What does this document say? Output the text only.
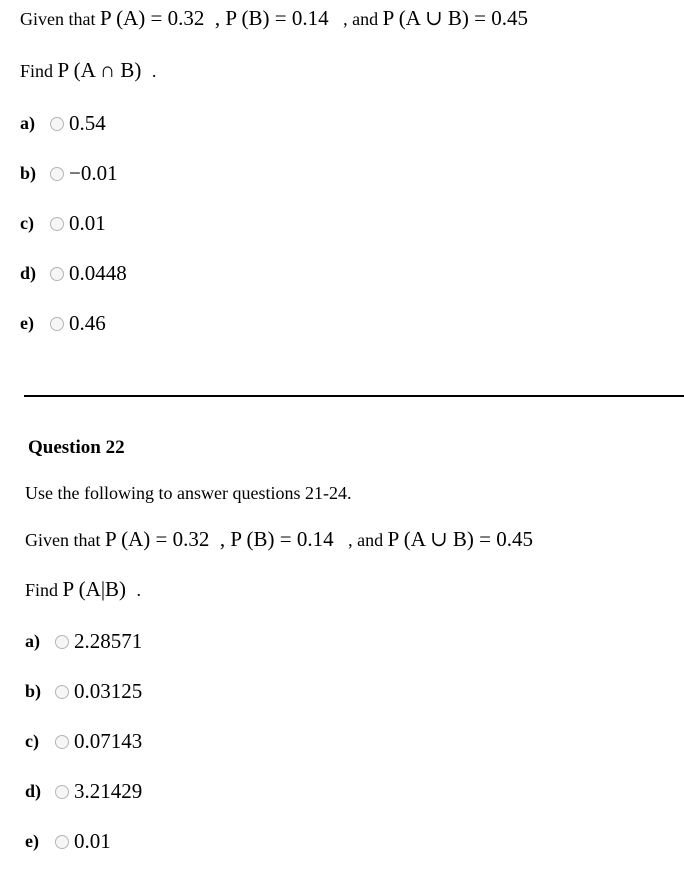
Given that P (A) = 0.32 , P (B) = 0.14 , and P (A ∪ B) = 0.45
Find P (A ∩ B) .
a)	0.54
b)	−0.01
c)	0.01
d)	0.0448
e)	0.46
Question 22
Use the following to answer questions 21-24.
Given that P (A) = 0.32 , P (B) = 0.14 , and P (A ∪ B) = 0.45
Find P (A|B) .
a)	2.28571
b)	0.03125
c)	0.07143
d)	3.21429
e)	0.01
